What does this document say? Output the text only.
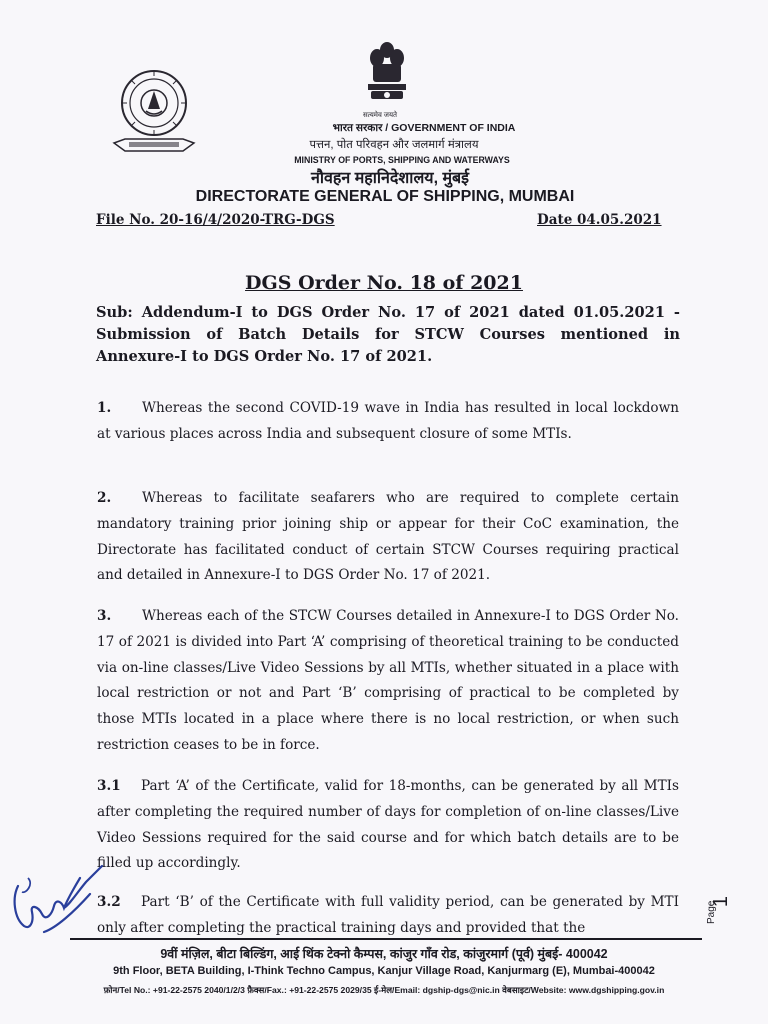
सत्यमेव जयते
भारत सरकार / GOVERNMENT OF INDIA
पत्तन, पोत परिवहन और जलमार्ग मंत्रालय
MINISTRY OF PORTS, SHIPPING AND WATERWAYS
नौवहन महानिदेशालय, मुंबई
DIRECTORATE GENERAL OF SHIPPING, MUMBAI
File No. 20-16/4/2020-TRG-DGS	Date 04.05.2021
DGS Order No. 18 of 2021
Sub: Addendum-I to DGS Order No. 17 of 2021 dated 01.05.2021 - Submission of Batch Details for STCW Courses mentioned in Annexure-I to DGS Order No. 17 of 2021.
1. Whereas the second COVID-19 wave in India has resulted in local lockdown at various places across India and subsequent closure of some MTIs.
2. Whereas to facilitate seafarers who are required to complete certain mandatory training prior joining ship or appear for their CoC examination, the Directorate has facilitated conduct of certain STCW Courses requiring practical and detailed in Annexure-I to DGS Order No. 17 of 2021.
3. Whereas each of the STCW Courses detailed in Annexure-I to DGS Order No. 17 of 2021 is divided into Part ‘A’ comprising of theoretical training to be conducted via on-line classes/Live Video Sessions by all MTIs, whether situated in a place with local restriction or not and Part ‘B’ comprising of practical to be completed by those MTIs located in a place where there is no local restriction, or when such restriction ceases to be in force.
3.1 Part ‘A’ of the Certificate, valid for 18-months, can be generated by all MTIs after completing the required number of days for completion of on-line classes/Live Video Sessions required for the said course and for which batch details are to be filled up accordingly.
3.2 Part ‘B’ of the Certificate with full validity period, can be generated by MTI only after completing the practical training days and provided that the
Page
1
9वीं मंज़िल, बीटा बिल्डिंग, आई थिंक टेक्नो कैम्पस, कांजुर गाँव रोड, कांजुरमार्ग (पूर्व) मुंबई- 400042
9th Floor, BETA Building, I-Think Techno Campus, Kanjur Village Road, Kanjurmarg (E), Mumbai-400042
फ़ोन/Tel No.: +91-22-2575 2040/1/2/3 फ़ैक्स/Fax.: +91-22-2575 2029/35 ई-मेल/Email: dgship-dgs@nic.in वेबसाइट/Website: www.dgshipping.gov.in
